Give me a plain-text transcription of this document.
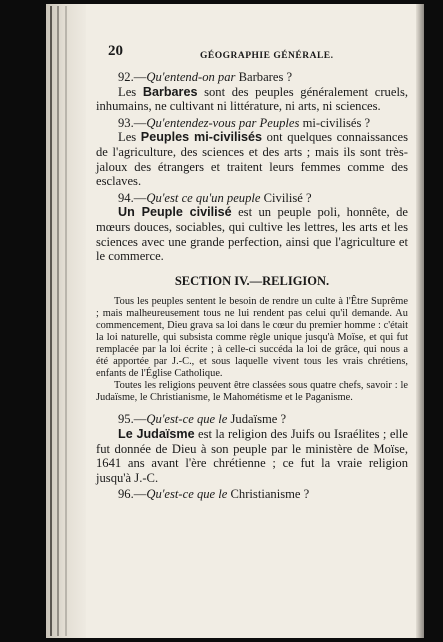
20	GÉOGRAPHIE GÉNÉRALE.

92.—Qu'entend-on par Barbares ?

Les Barbares sont des peuples généralement cruels, inhumains, ne cultivant ni littérature, ni arts, ni sciences.

93.—Qu'entendez-vous par Peuples mi-civilisés ?

Les Peuples mi-civilisés ont quelques connaissances de l'agriculture, des sciences et des arts ; mais ils sont très-jaloux des étrangers et traitent leurs femmes comme des esclaves.

94.—Qu'est ce qu'un peuple Civilisé ?

Un Peuple civilisé est un peuple poli, honnête, de mœurs douces, sociables, qui cultive les lettres, les arts et les sciences avec une grande perfection, ainsi que l'agriculture et le commerce.

SECTION IV.—RELIGION.

Tous les peuples sentent le besoin de rendre un culte à l'Être Suprême ; mais malheureusement tous ne lui rendent pas celui qu'il demande. Au commencement, Dieu grava sa loi dans le cœur du premier homme : c'était la loi naturelle, qui subsista comme règle unique jusqu'à Moïse, et qui fut remplacée par la loi écrite ; à celle-ci succéda la loi de grâce, qui nous a été apportée par J.-C., et sous laquelle vivent tous les vrais chrétiens, enfants de l'Église Catholique.

Toutes les religions peuvent être classées sous quatre chefs, savoir : le Judaïsme, le Christianisme, le Mahométisme et le Paganisme.

95.—Qu'est-ce que le Judaïsme ?

Le Judaïsme est la religion des Juifs ou Israélites ; elle fut donnée de Dieu à son peuple par le ministère de Moïse, 1641 ans avant l'ère chrétienne ; ce fut la vraie religion jusqu'à J.-C.

96.—Qu'est-ce que le Christianisme ?
